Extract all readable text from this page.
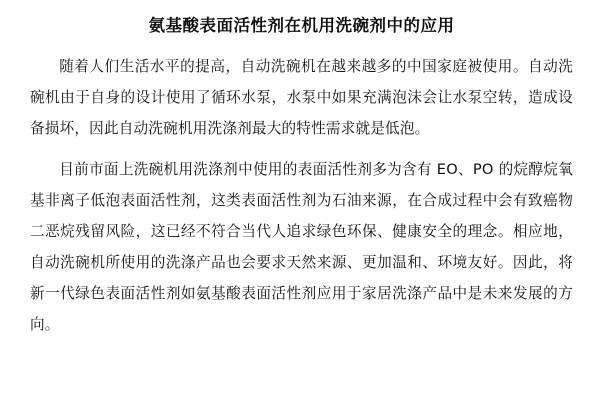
氨基酸表面活性剂在机用洗碗剂中的应用

随着人们生活水平的提高，自动洗碗机在越来越多的中国家庭被使用。自动洗碗机由于自身的设计使用了循环水泵，水泵中如果充满泡沫会让水泵空转，造成设备损坏，因此自动洗碗机用洗涤剂最大的特性需求就是低泡。

目前市面上洗碗机用洗涤剂中使用的表面活性剂多为含有 EO、PO 的烷醇烷氧基非离子低泡表面活性剂，这类表面活性剂为石油来源，在合成过程中会有致癌物二恶烷残留风险，这已经不符合当代人追求绿色环保、健康安全的理念。相应地，自动洗碗机所使用的洗涤产品也会要求天然来源、更加温和、环境友好。因此，将新一代绿色表面活性剂如氨基酸表面活性剂应用于家居洗涤产品中是未来发展的方向。
